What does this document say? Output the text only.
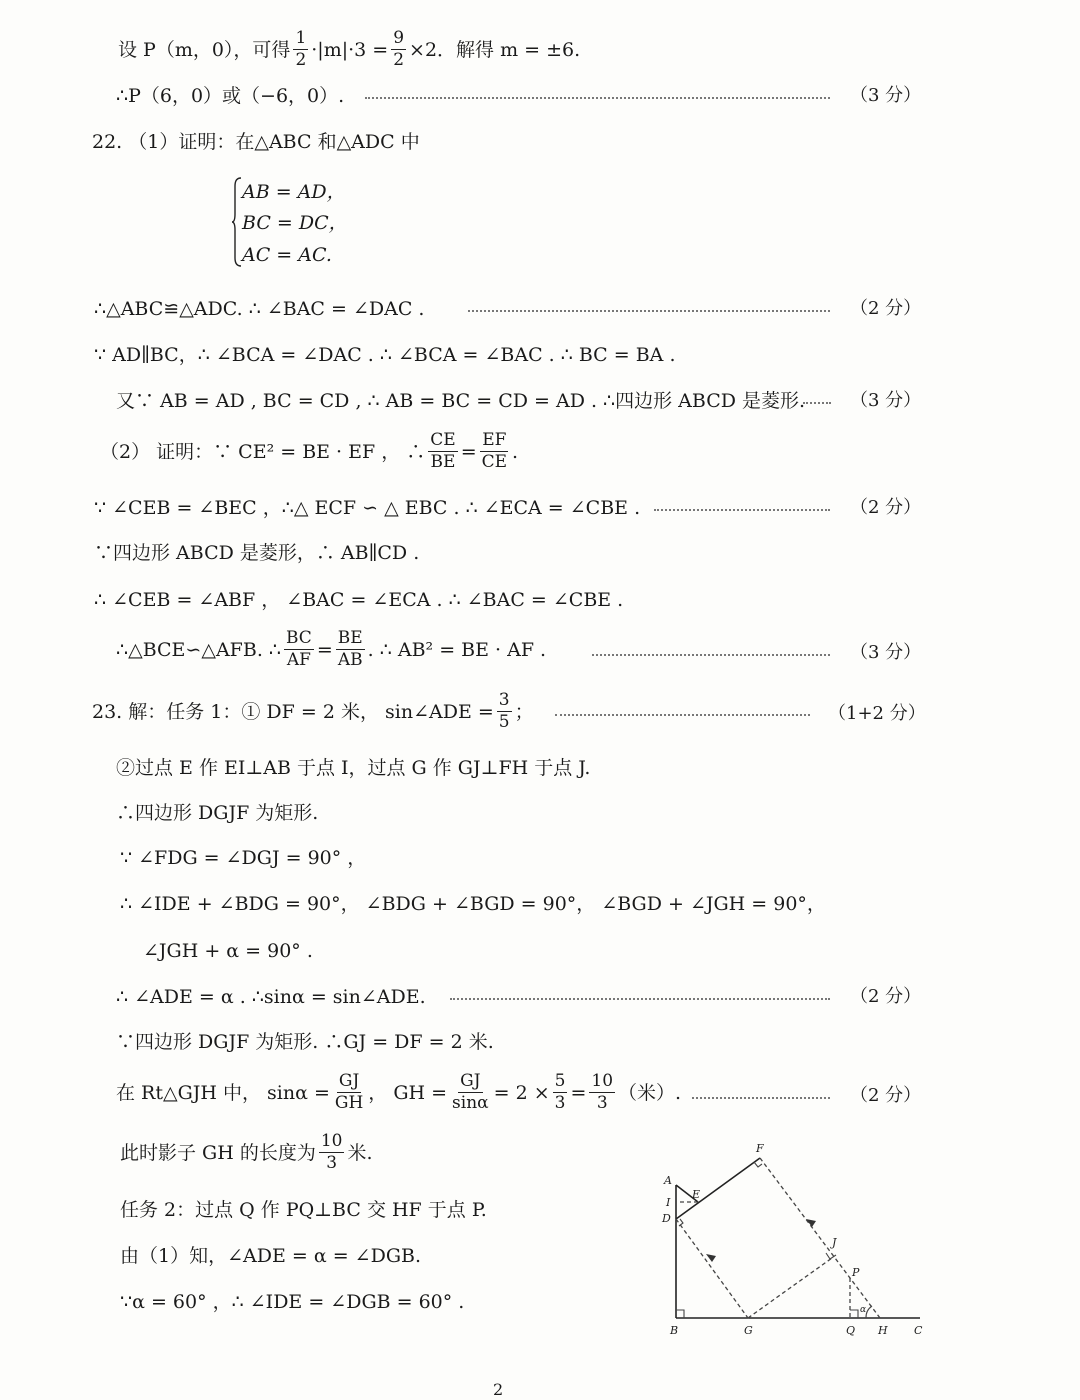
设 P（m，0），可得 $\frac{1}{2} \cdot|m|\cdot 3 = \frac{9}{2} \times 2$．解得 m = ±6.
∴P（6，0）或（−6，0）.	（3 分）
22. （1）证明：在△ABC 和△ADC 中
AB = AD，
BC = DC，
AC = AC.
∴△ABC≌△ADC. ∴ ∠BAC = ∠DAC .	（2 分）
∵ AD∥BC，∴ ∠BCA = ∠DAC . ∴ ∠BCA = ∠BAC . ∴ BC = BA .
又∵ AB = AD , BC = CD , ∴ AB = BC = CD = AD . ∴四边形 ABCD 是菱形. （3 分）
（2） 证明：∵ CE² = BE · EF ， ∴ $\frac{CE}{BE} = \frac{EF}{CE}$ .
∵ ∠CEB = ∠BEC ，∴△ ECF ∽ △ EBC . ∴ ∠ECA = ∠CBE .	（2 分）
∵四边形 ABCD 是菱形，∴ AB∥CD .
∴ ∠CEB = ∠ABF ， ∠BAC = ∠ECA . ∴ ∠BAC = ∠CBE .
∴△BCE∽△AFB. ∴ $\frac{BC}{AF} = \frac{BE}{AB}$ . ∴ AB² = BE · AF .	（3 分）
23. 解：任务 1：① DF = 2 米， sin∠ADE = $\frac{3}{5}$ ；	（1+2 分）
②过点 E 作 EI⊥AB 于点 I，过点 G 作 GJ⊥FH 于点 J.
∴四边形 DGJF 为矩形.
∵ ∠FDG = ∠DGJ = 90° ，
∴ ∠IDE + ∠BDG = 90°， ∠BDG + ∠BGD = 90°， ∠BGD + ∠JGH = 90°，
∠JGH + α = 90° .
∴ ∠ADE = α . ∴sinα = sin∠ADE.	（2 分）
∵四边形 DGJF 为矩形. ∴GJ = DF = 2 米.
在 Rt△GJH 中， $\sin\alpha = \frac{GJ}{GH}$ ， GH = $\frac{GJ}{\sin\alpha} = 2 \times \frac{5}{3} = \frac{10}{3}$ （米）.	（2 分）
此时影子 GH 的长度为 $\frac{10}{3}$ 米.
任务 2：过点 Q 作 PQ⊥BC 交 HF 于点 P.
由（1）知，∠ADE = α = ∠DGB.
∵α = 60° ，∴ ∠IDE = ∠DGB = 60° .
A
E
I
D
F
J
P
B	G	Q H C
α
2
